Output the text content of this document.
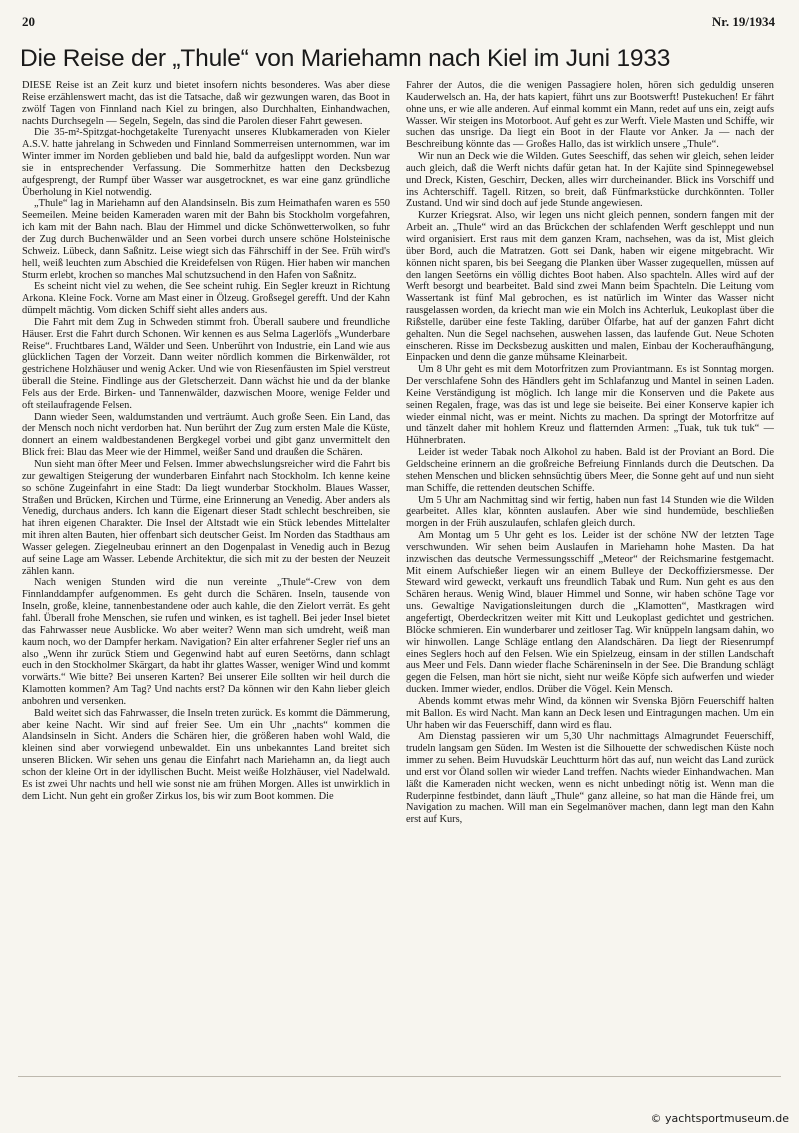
20	Nr. 19/1934
Die Reise der „Thule“ von Mariehamn nach Kiel im Juni 1933

DIESE Reise ist an Zeit kurz und bietet insofern nichts besonderes. Was aber diese Reise erzählenswert macht, das ist die Tatsache, daß wir gezwungen waren, das Boot in zwölf Tagen von Finnland nach Kiel zu bringen, also Durchhalten, Einhandwachen, nachts Durchsegeln — Segeln, Segeln, das sind die Parolen dieser Fahrt gewesen.

Die 35-m²-Spitzgat-hochgetakelte Turenyacht unseres Klubkameraden von Kieler A.S.V. hatte jahrelang in Schweden und Finnland Sommerreisen unternommen, war im Winter immer im Norden geblieben und bald hie, bald da aufgeslippt worden. Nun war sie in entsprechender Verfassung. Die Sommerhitze hatten den Decksbezug aufgesprengt, der Rumpf über Wasser war ausgetrocknet, es war eine ganz gründliche Überholung in Kiel notwendig.

„Thule“ lag in Mariehamn auf den Alandsinseln. Bis zum Heimathafen waren es 550 Seemeilen. Meine beiden Kameraden waren mit der Bahn bis Stockholm vorgefahren, ich kam mit der Bahn nach. Blau der Himmel und dicke Schönwetterwolken, so fuhr der Zug durch Buchenwälder und an Seen vorbei durch unsere schöne Holsteinische Schweiz. Lübeck, dann Saßnitz. Leise wiegt sich das Fährschiff in der See. Früh wird's hell, weiß leuchten zum Abschied die Kreidefelsen von Rügen. Hier haben wir manchen Sturm erlebt, krochen so manches Mal schutzsuchend in den Hafen von Saßnitz.

Es scheint nicht viel zu wehen, die See scheint ruhig. Ein Segler kreuzt in Richtung Arkona. Kleine Fock. Vorne am Mast einer in Ölzeug. Großsegel gerefft. Und der Kahn dümpelt mächtig. Vom dicken Schiff sieht alles anders aus.

Die Fahrt mit dem Zug in Schweden stimmt froh. Überall saubere und freundliche Häuser. Erst die Fahrt durch Schonen. Wir kennen es aus Selma Lagerlöfs „Wunderbare Reise“. Fruchtbares Land, Wälder und Seen. Unberührt von Industrie, ein Land wie aus glücklichen Tagen der Vorzeit. Dann weiter nördlich kommen die Birkenwälder, rot gestrichene Holzhäuser und wenig Acker. Und wie von Riesenfäusten im Spiel verstreut überall die Steine. Findlinge aus der Gletscherzeit. Dann wächst hie und da der blanke Fels aus der Erde. Birken- und Tannenwälder, dazwischen Moore, wenige Felder und oft steilaufragende Felsen.

Dann wieder Seen, waldumstanden und verträumt. Auch große Seen. Ein Land, das der Mensch noch nicht verdorben hat. Nun berührt der Zug zum ersten Male die Küste, donnert an einem waldbestandenen Bergkegel vorbei und gibt ganz unvermittelt den Blick frei: Blau das Meer wie der Himmel, weißer Sand und draußen die Schären.

Nun sieht man öfter Meer und Felsen. Immer abwechslungsreicher wird die Fahrt bis zur gewaltigen Steigerung der wunderbaren Einfahrt nach Stockholm. Ich kenne keine so schöne Zugeinfahrt in eine Stadt: Da liegt wunderbar Stockholm. Blaues Wasser, Straßen und Brücken, Kirchen und Türme, eine Erinnerung an Venedig. Aber anders als Venedig, durchaus anders. Ich kann die Eigenart dieser Stadt schlecht beschreiben, sie hat ihren eigenen Charakter. Die Insel der Altstadt wie ein Stück lebendes Mittelalter mit ihren alten Bauten, hier offenbart sich deutscher Geist. Im Norden das Stadthaus am Wasser gelegen. Ziegelneubau erinnert an den Dogenpalast in Venedig auch in Bezug auf seine Lage am Wasser. Lebende Architektur, die sich mit zu der besten der Neuzeit zählen kann.

Nach wenigen Stunden wird die nun vereinte „Thule“-Crew von dem Finnlanddampfer aufgenommen. Es geht durch die Schären. Inseln, tausende von Inseln, große, kleine, tannenbestandene oder auch kahle, die den Zielort verrät. Es geht fahl. Überall frohe Menschen, sie rufen und winken, es ist taghell. Bei jeder Insel bietet das Fahrwasser neue Ausblicke. Wo aber weiter? Wenn man sich umdreht, weiß man kaum noch, wo der Dampfer herkam. Navigation? Ein alter erfahrener Segler rief uns an also „Wenn ihr zurück Stiem und Gegenwind habt auf euren Seetörns, dann schlagt euch in den Stockholmer Skärgart, da habt ihr glattes Wasser, weniger Wind und kommt vorwärts.“ Wie bitte? Bei unseren Karten? Bei unserer Eile sollten wir heil durch die Klamotten kommen? Am Tag? Und nachts erst? Da können wir den Kahn lieber gleich anbohren und versenken.

Bald weitet sich das Fahrwasser, die Inseln treten zurück. Es kommt die Dämmerung, aber keine Nacht. Wir sind auf freier See. Um ein Uhr „nachts“ kommen die Alandsinseln in Sicht. Anders die Schären hier, die größeren haben wohl Wald, die kleinen sind aber vorwiegend unbewaldet. Ein uns unbekanntes Land breitet sich unseren Blicken. Wir sehen uns genau die Einfahrt nach Mariehamn an, da liegt auch schon der kleine Ort in der idyllischen Bucht. Meist weiße Holzhäuser, viel Nadelwald. Es ist zwei Uhr nachts und hell wie sonst nie am frühen Morgen. Alles ist unwirklich in dem Licht. Nun geht ein großer Zirkus los, bis wir zum Boot kommen. Die

Fahrer der Autos, die die wenigen Passagiere holen, hören sich geduldig unseren Kauderwelsch an. Ha, der hats kapiert, führt uns zur Bootswerft! Pustekuchen! Er fährt ohne uns, er wie alle anderen. Auf einmal kommt ein Mann, redet auf uns ein, zeigt aufs Wasser. Wir steigen ins Motorboot. Auf geht es zur Werft. Viele Masten und Schiffe, wir suchen das unsrige. Da liegt ein Boot in der Flaute vor Anker. Ja — nach der Beschreibung könnte das — Großes Hallo, das ist wirklich unsere „Thule“.

Wir nun an Deck wie die Wilden. Gutes Seeschiff, das sehen wir gleich, sehen leider auch gleich, daß die Werft nichts dafür getan hat. In der Kajüte sind Spinnegewebsel und Dreck, Kisten, Geschirr, Decken, alles wirr durcheinander. Blick ins Vorschiff und ins Achterschiff. Tagell. Ritzen, so breit, daß Fünfmarkstücke durchkönnten. Toller Zustand. Und wir sind doch auf jede Stunde angewiesen.

Kurzer Kriegsrat. Also, wir legen uns nicht gleich pennen, sondern fangen mit der Arbeit an. „Thule“ wird an das Brückchen der schlafenden Werft geschleppt und nun wird organisiert. Erst raus mit dem ganzen Kram, nachsehen, was da ist, Mist gleich über Bord, auch die Matratzen. Gott sei Dank, haben wir eigene mitgebracht. Wir können nicht sparen, bis bei Seegang die Planken über Wasser zugequellen, müssen auf den langen Seetörns ein völlig dichtes Boot haben. Also spachteln. Alles wird auf der Werft besorgt und bearbeitet. Bald sind zwei Mann beim Spachteln. Die Leitung vom Wassertank ist fünf Mal gebrochen, es ist natürlich im Winter das Wasser nicht rausgelassen worden, da kriecht man wie ein Molch ins Achterluk, Leukoplast über die Rißstelle, darüber eine feste Takling, darüber Ölfarbe, hat auf der ganzen Fahrt dicht gehalten. Nun die Segel nachsehen, auswehen lassen, das laufende Gut. Neue Schoten einscheren. Risse im Decksbezug auskitten und malen, Einbau der Kocheraufhängung, Einpacken und denn die ganze mühsame Kleinarbeit.

Um 8 Uhr geht es mit dem Motorfritzen zum Proviantmann. Es ist Sonntag morgen. Der verschlafene Sohn des Händlers geht im Schlafanzug und Mantel in seinen Laden. Keine Verständigung ist möglich. Ich lange mir die Konserven und die Pakete aus seinen Regalen, frage, was das ist und lege sie beiseite. Bei einer Konserve kapier ich wieder einmal nicht, was er meint. Nichts zu machen. Da springt der Motorfritze auf und tänzelt daher mit hohlem Kreuz und flatternden Armen: „Tuak, tuk tuk tuk“ — Hühnerbraten.

Leider ist weder Tabak noch Alkohol zu haben. Bald ist der Proviant an Bord. Die Geldscheine erinnern an die großreiche Befreiung Finnlands durch die Deutschen. Da stehen Menschen und blicken sehnsüchtig übers Meer, die Sonne geht auf und nun sieht man Schiffe, die rettenden deutschen Schiffe.

Um 5 Uhr am Nachmittag sind wir fertig, haben nun fast 14 Stunden wie die Wilden gearbeitet. Alles klar, könnten auslaufen. Aber wie sind hundemüde, beschließen morgen in der Früh auszulaufen, schlafen gleich durch.

Am Montag um 5 Uhr geht es los. Leider ist der schöne NW der letzten Tage verschwunden. Wir sehen beim Auslaufen in Mariehamn hohe Masten. Da hat inzwischen das deutsche Vermessungsschiff „Meteor“ der Reichsmarine festgemacht. Mit einem Aufschießer liegen wir an einem Bulleye der Deckoffiziersmesse. Der Steward wird geweckt, verkauft uns freundlich Tabak und Rum. Nun geht es aus den Schären heraus. Wenig Wind, blauer Himmel und Sonne, wir haben schöne Tage vor uns. Gewaltige Navigationsleitungen durch die „Klamotten“, Mastkragen wird angefertigt, Oberdeckritzen weiter mit Kitt und Leukoplast gedichtet und gestrichen. Blöcke schmieren. Ein wunderbarer und zeitloser Tag. Wir knüppeln langsam dahin, wo wir hinwollen. Lange Schläge entlang den Alandschären. Da liegt der Riesenrumpf eines Seglers hoch auf den Felsen. Wie ein Spielzeug, einsam in der stillen Landschaft aus Meer und Fels. Dann wieder flache Schäreninseln in der See. Die Brandung schlägt gegen die Felsen, man hört sie nicht, sieht nur weiße Köpfe sich aufwerfen und wieder ducken. Immer wieder, endlos. Drüber die Vögel. Kein Mensch.

Abends kommt etwas mehr Wind, da können wir Svenska Björn Feuerschiff halten mit Ballon. Es wird Nacht. Man kann an Deck lesen und Eintragungen machen. Um ein Uhr haben wir das Feuerschiff, dann wird es flau.

Am Dienstag passieren wir um 5,30 Uhr nachmittags Almagrundet Feuerschiff, trudeln langsam gen Süden. Im Westen ist die Silhouette der schwedischen Küste noch immer zu sehen. Beim Huvudskär Leuchtturm hört das auf, nun weicht das Land zurück und erst vor Öland sollen wir wieder Land treffen. Nachts wieder Einhandwachen. Man läßt die Kameraden nicht wecken, wenn es nicht unbedingt nötig ist. Wenn man die Ruderpinne festbindet, dann läuft „Thule“ ganz alleine, so hat man die Hände frei, um Navigation zu machen. Will man ein Segelmanöver machen, dann legt man den Kahn erst auf Kurs,

© yachtsportmuseum.de
